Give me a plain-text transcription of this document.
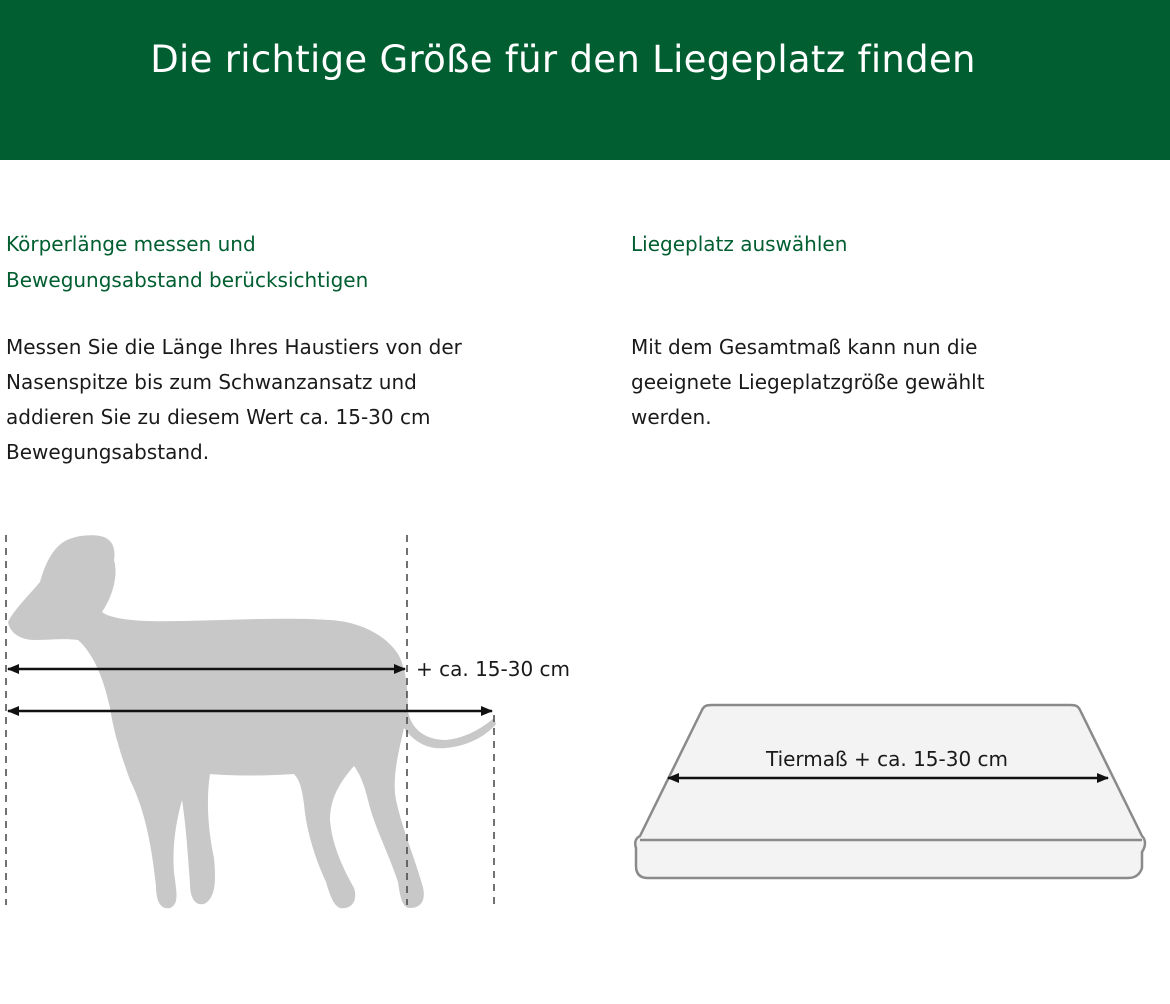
Die richtige Größe für den Liegeplatz finden
Körperlänge messen und
Bewegungsabstand berücksichtigen

Messen Sie die Länge Ihres Haustiers von der
Nasenspitze bis zum Schwanzansatz und
addieren Sie zu diesem Wert ca. 15-30 cm
Bewegungsabstand.

Liegeplatz auswählen

Mit dem Gesamtmaß kann nun die
geeignete Liegeplatzgröße gewählt
werden.

+ ca. 15-30 cm
Tiermaß + ca. 15-30 cm
